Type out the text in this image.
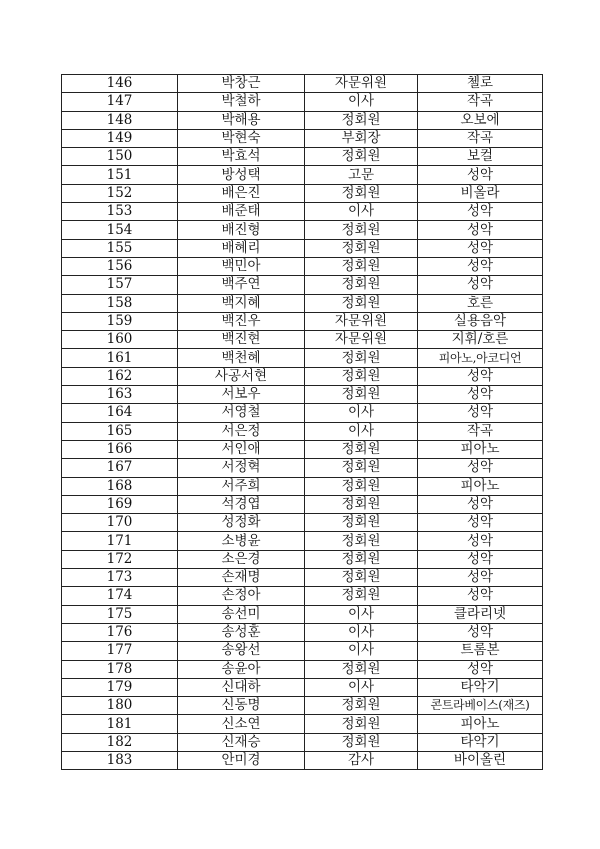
146	박창근	자문위원	첼로
147	박철하	이사	작곡
148	박해용	정회원	오보에
149	박현숙	부회장	작곡
150	박효석	정회원	보컬
151	방성택	고문	성악
152	배은진	정회원	비올라
153	배준태	이사	성악
154	배진형	정회원	성악
155	배혜리	정회원	성악
156	백민아	정회원	성악
157	백주연	정회원	성악
158	백지혜	정회원	호른
159	백진우	자문위원	실용음악
160	백진현	자문위원	지휘/호른
161	백천혜	정회원	피아노,아코디언
162	사공서현	정회원	성악
163	서보우	정회원	성악
164	서영철	이사	성악
165	서은정	이사	작곡
166	서인애	정회원	피아노
167	서정혁	정회원	성악
168	서주희	정회원	피아노
169	석경엽	정회원	성악
170	성정화	정회원	성악
171	소병윤	정회원	성악
172	소은경	정회원	성악
173	손재명	정회원	성악
174	손정아	정회원	성악
175	송선미	이사	클라리넷
176	송성훈	이사	성악
177	송왕선	이사	트롬본
178	송윤아	정회원	성악
179	신대하	이사	타악기
180	신동명	정회원	콘트라베이스(재즈)
181	신소연	정회원	피아노
182	신재승	정회원	타악기
183	안미경	감사	바이올린
